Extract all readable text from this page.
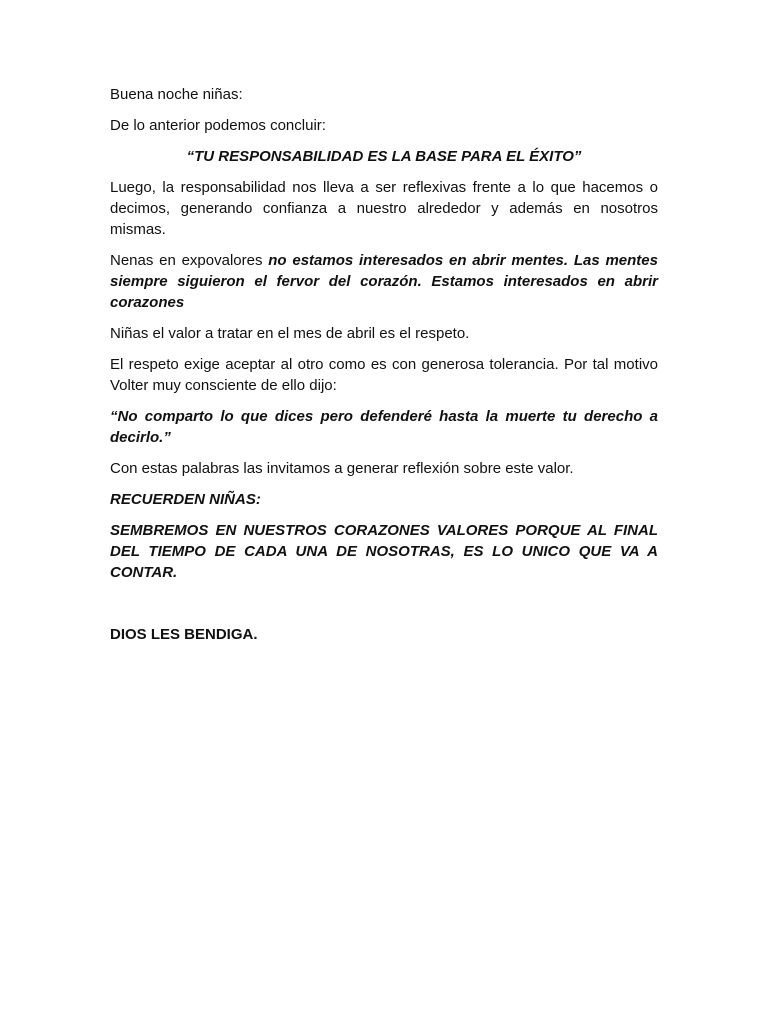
Buena noche niñas:

De lo anterior podemos concluir:

“TU RESPONSABILIDAD ES LA BASE PARA EL ÉXITO”

Luego, la responsabilidad nos lleva a ser reflexivas frente a lo que hacemos o decimos, generando confianza a nuestro alrededor y además en nosotros mismas.

Nenas en expovalores no estamos interesados en abrir mentes. Las mentes siempre siguieron el fervor del corazón. Estamos interesados en abrir corazones

Niñas el valor a tratar en el mes de abril es el respeto.

El respeto exige aceptar al otro como es con generosa tolerancia. Por tal motivo Volter muy consciente de ello dijo:

“No comparto lo que dices pero defenderé hasta la muerte tu derecho a decirlo.”

Con estas palabras las invitamos a generar reflexión sobre este valor.

RECUERDEN NIÑAS:

SEMBREMOS EN NUESTROS CORAZONES VALORES PORQUE AL FINAL DEL TIEMPO DE CADA UNA DE NOSOTRAS, ES LO UNICO QUE VA A CONTAR.

DIOS LES BENDIGA.
